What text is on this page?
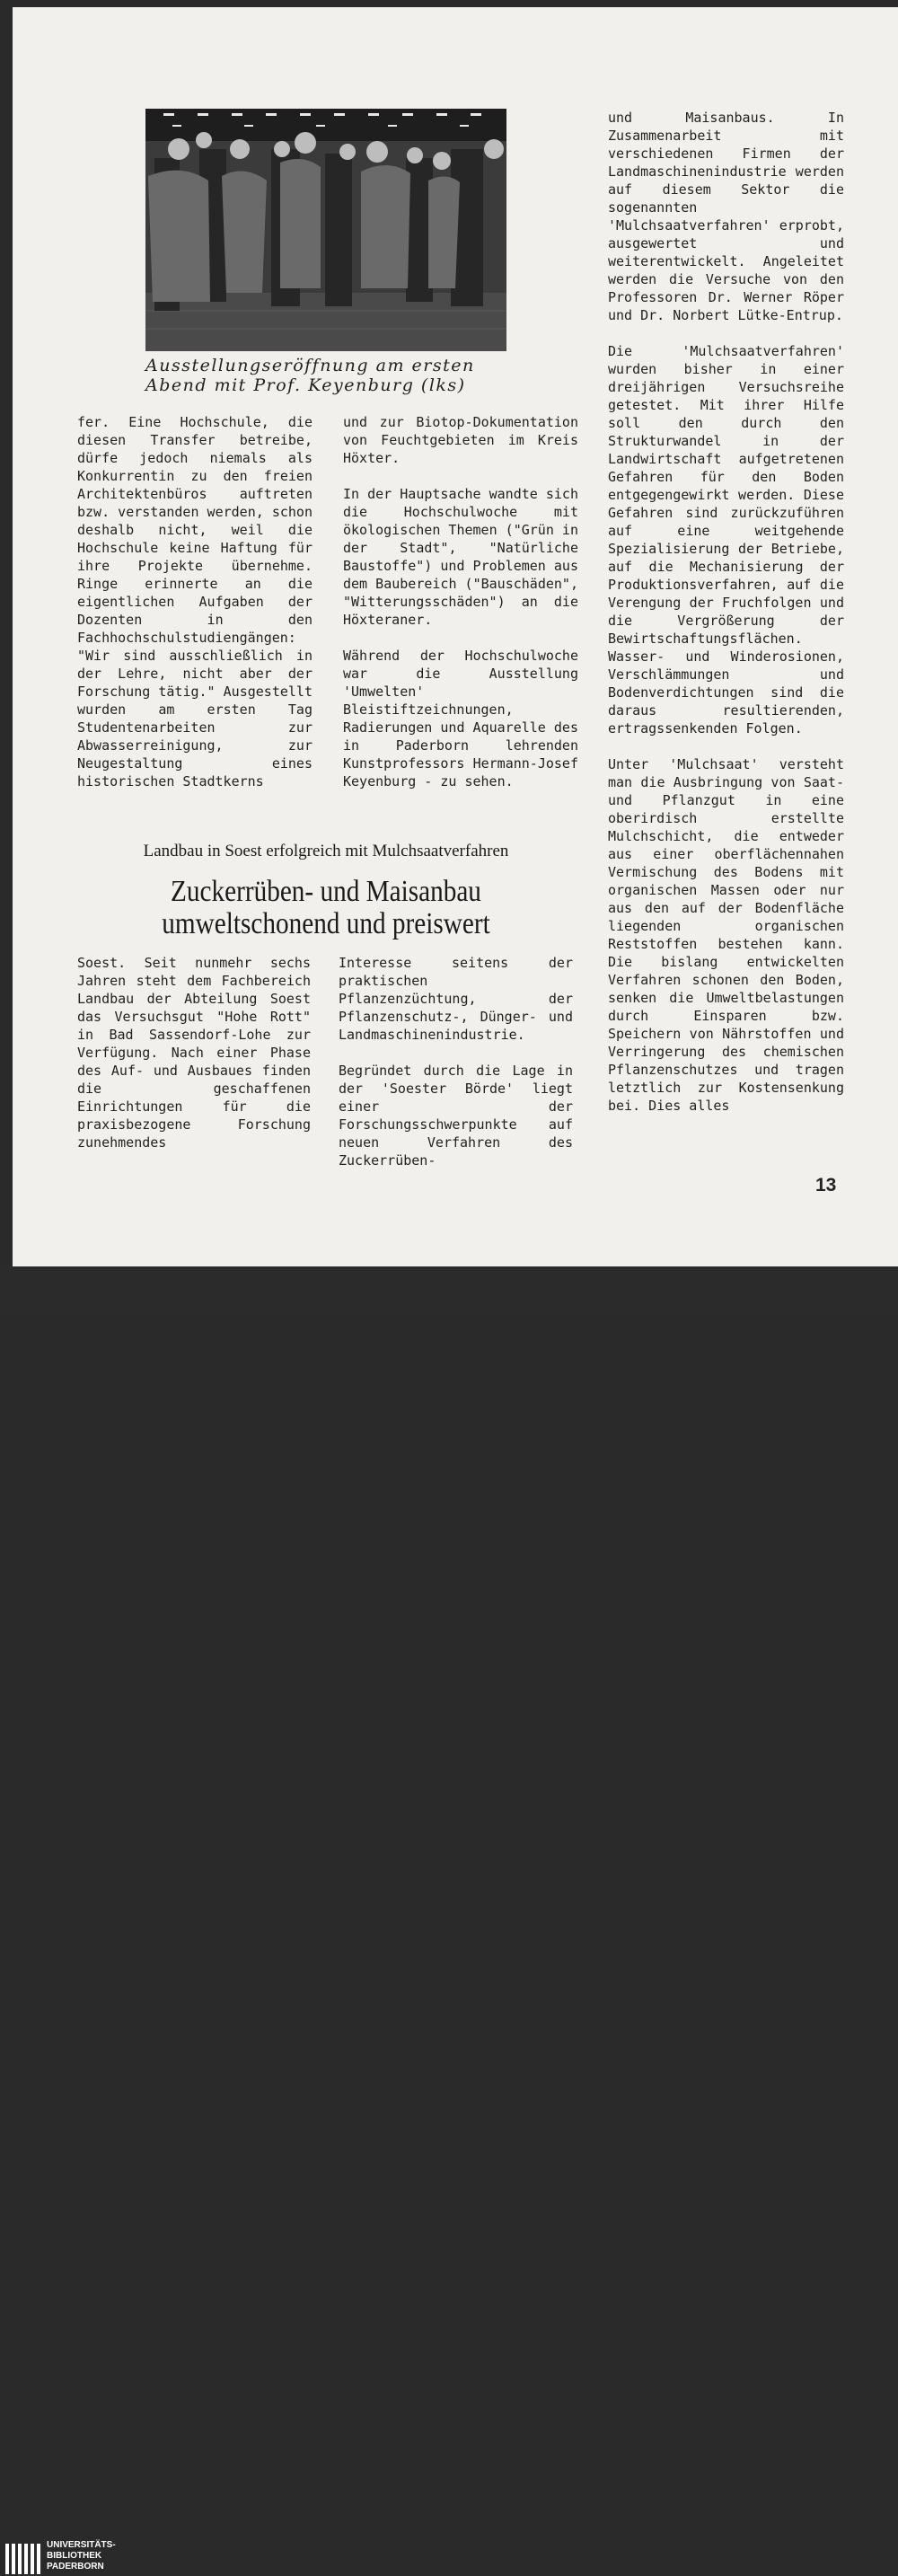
Ausstellungseröffnung am ersten
Abend mit Prof. Keyenburg (lks)

und Maisanbaus. In Zusammenarbeit mit verschiedenen Firmen der Landmaschinenindustrie werden auf diesem Sektor die sogenannten 'Mulchsaatverfahren' erprobt, ausgewertet und weiterentwickelt. Angeleitet werden die Versuche von den Professoren Dr. Werner Röper und Dr. Norbert Lütke-Entrup.

Die 'Mulchsaatverfahren' wurden bisher in einer dreijährigen Versuchsreihe getestet. Mit ihrer Hilfe soll den durch den Strukturwandel in der Landwirtschaft aufgetretenen Gefahren für den Boden entgegengewirkt werden. Diese Gefahren sind zurückzuführen auf eine weitgehende Spezialisierung der Betriebe, auf die Mechanisierung der Produktionsverfahren, auf die Verengung der Fruchfolgen und die Vergrößerung der Bewirtschaftungsflächen. Wasser- und Winderosionen, Verschlämmungen und Bodenverdichtungen sind die daraus resultierenden, ertragssenkenden Folgen.

Unter 'Mulchsaat' versteht man die Ausbringung von Saat- und Pflanzgut in eine oberirdisch erstellte Mulchschicht, die entweder aus einer oberflächennahen Vermischung des Bodens mit organischen Massen oder nur aus den auf der Bodenfläche liegenden organischen Reststoffen bestehen kann. Die bislang entwickelten Verfahren schonen den Boden, senken die Umweltbelastungen durch Einsparen bzw. Speichern von Nährstoffen und Verringerung des chemischen Pflanzenschutzes und tragen letztlich zur Kostensenkung bei. Dies alles

fer. Eine Hochschule, die diesen Transfer betreibe, dürfe jedoch niemals als Konkurrentin zu den freien Architektenbüros auftreten bzw. verstanden werden, schon deshalb nicht, weil die Hochschule keine Haftung für ihre Projekte übernehme. Ringe erinnerte an die eigentlichen Aufgaben der Dozenten in den Fachhochschulstudiengängen: "Wir sind ausschließlich in der Lehre, nicht aber der Forschung tätig." Ausgestellt wurden am ersten Tag Studentenarbeiten zur Abwasserreinigung, zur Neugestaltung eines historischen Stadtkerns

und zur Biotop-Dokumentation von Feuchtgebieten im Kreis Höxter.

In der Hauptsache wandte sich die Hochschulwoche mit ökologischen Themen ("Grün in der Stadt", "Natürliche Baustoffe") und Problemen aus dem Baubereich ("Bauschäden", "Witterungsschäden") an die Höxteraner.

Während der Hochschulwoche war die Ausstellung 'Umwelten' Bleistiftzeichnungen, Radierungen und Aquarelle des in Paderborn lehrenden Kunstprofessors Hermann-Josef Keyenburg - zu sehen.

Landbau in Soest erfolgreich mit Mulchsaatverfahren
Zuckerrüben- und Maisanbau
umweltschonend und preiswert

Soest. Seit nunmehr sechs Jahren steht dem Fachbereich Landbau der Abteilung Soest das Versuchsgut "Hohe Rott" in Bad Sassendorf-Lohe zur Verfügung. Nach einer Phase des Auf- und Ausbaues finden die geschaffenen Einrichtungen für die praxisbezogene Forschung zunehmendes

Interesse seitens der praktischen Pflanzenzüchtung, der Pflanzenschutz-, Dünger- und Landmaschinenindustrie.

Begründet durch die Lage in der 'Soester Börde' liegt einer der Forschungsschwerpunkte auf neuen Verfahren des Zuckerrüben-

13
UNIVERSITÄTS-
BIBLIOTHEK
PADERBORN
